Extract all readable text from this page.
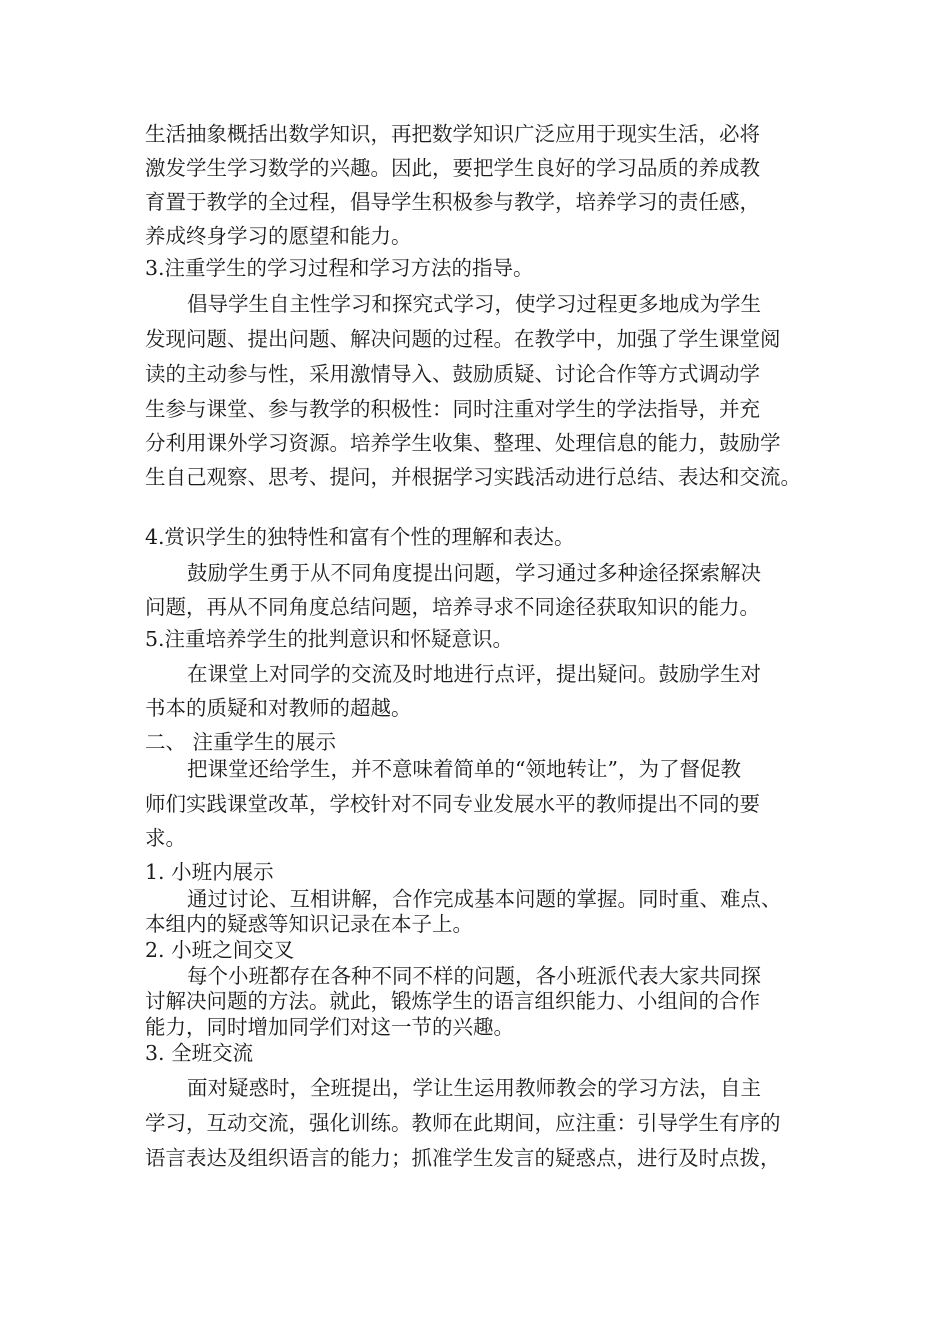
生活抽象概括出数学知识，再把数学知识广泛应用于现实生活，必将
激发学生学习数学的兴趣。因此，要把学生良好的学习品质的养成教
育置于教学的全过程，倡导学生积极参与教学，培养学习的责任感，
养成终身学习的愿望和能力。
3.注重学生的学习过程和学习方法的指导。
倡导学生自主性学习和探究式学习，使学习过程更多地成为学生
发现问题、提出问题、解决问题的过程。在教学中，加强了学生课堂阅
读的主动参与性，采用激情导入、鼓励质疑、讨论合作等方式调动学
生参与课堂、参与教学的积极性：同时注重对学生的学法指导，并充
分利用课外学习资源。培养学生收集、整理、处理信息的能力，鼓励学
生自己观察、思考、提问，并根据学习实践活动进行总结、表达和交流。
4.赏识学生的独特性和富有个性的理解和表达。
鼓励学生勇于从不同角度提出问题，学习通过多种途径探索解决
问题，再从不同角度总结问题，培养寻求不同途径获取知识的能力。
5.注重培养学生的批判意识和怀疑意识。
在课堂上对同学的交流及时地进行点评，提出疑问。鼓励学生对
书本的质疑和对教师的超越。
二、 注重学生的展示
把课堂还给学生，并不意味着简单的“领地转让”，为了督促教
师们实践课堂改革，学校针对不同专业发展水平的教师提出不同的要
求。
1. 小班内展示
通过讨论、互相讲解，合作完成基本问题的掌握。同时重、难点、
本组内的疑惑等知识记录在本子上。
2. 小班之间交叉
每个小班都存在各种不同不样的问题，各小班派代表大家共同探
讨解决问题的方法。就此，锻炼学生的语言组织能力、小组间的合作
能力，同时增加同学们对这一节的兴趣。
3. 全班交流
面对疑惑时，全班提出，学让生运用教师教会的学习方法，自主
学习，互动交流，强化训练。教师在此期间，应注重：引导学生有序的
语言表达及组织语言的能力；抓准学生发言的疑惑点，进行及时点拨，
